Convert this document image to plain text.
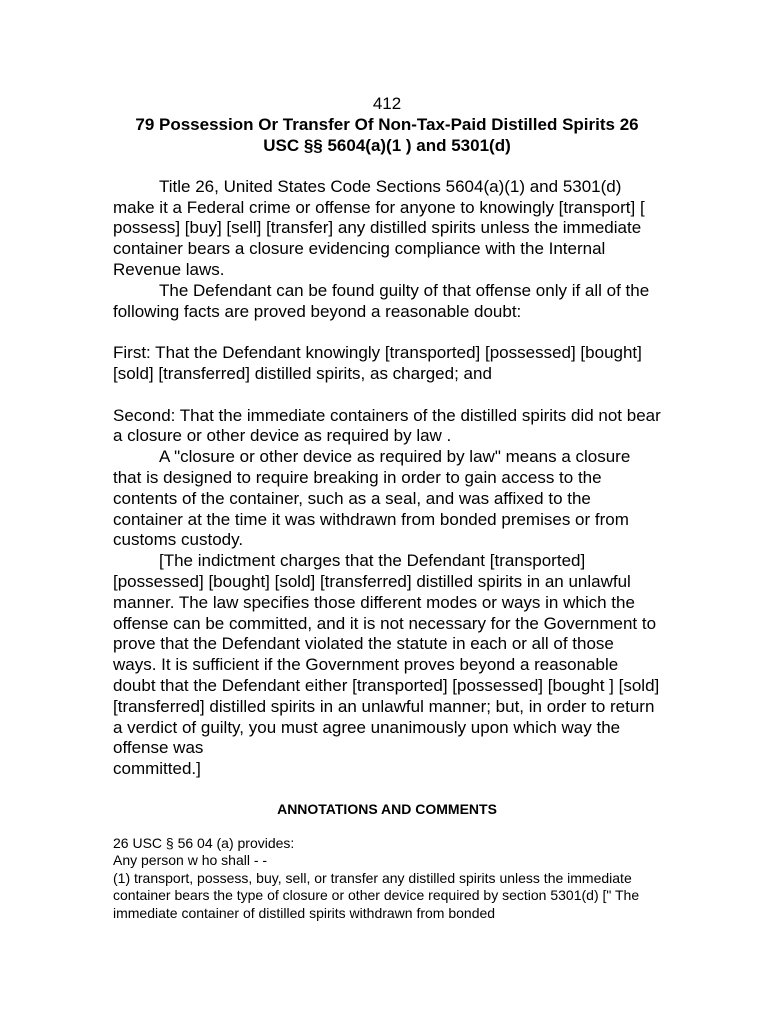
412

79 Possession Or Transfer Of Non-Tax-Paid Distilled Spirits 26

USC §§ 5604(a)(1 ) and 5301(d)

Title 26, United States Code Sections 5604(a)(1) and 5301(d) make it a Federal crime or offense for anyone to knowingly [transport] [ possess] [buy] [sell] [transfer] any distilled spirits unless the immediate container bears a closure evidencing compliance with the Internal Revenue laws.

The Defendant can be found guilty of that offense only if all of the following facts are proved beyond a reasonable doubt:

First: That the Defendant knowingly [transported] [possessed] [bought] [sold] [transferred] distilled spirits, as charged; and

Second: That the immediate containers of the distilled spirits did not bear a closure or other device as required by law .

A "closure or other device as required by law" means a closure that is designed to require breaking in order to gain access to the contents of the container, such as a seal, and was affixed to the container at the time it was withdrawn from bonded premises or from customs custody.

[The indictment charges that the Defendant [transported] [possessed] [bought] [sold] [transferred] distilled spirits in an unlawful manner. The law specifies those different modes or ways in which the offense can be committed, and it is not necessary for the Government to prove that the Defendant violated the statute in each or all of those ways. It is sufficient if the Government proves beyond a reasonable doubt that the Defendant either [transported] [possessed] [bought ] [sold] [transferred] distilled spirits in an unlawful manner; but, in order to return a verdict of guilty, you must agree unanimously upon which way the offense was

committed.]

ANNOTATIONS AND COMMENTS

26 USC § 56 04 (a) provides:

Any person w ho shall - -

(1) transport, possess, buy, sell, or transfer any distilled spirits unless the immediate container bears the type of closure or other device required by section 5301(d) [" The immediate container of distilled spirits withdrawn from bonded
